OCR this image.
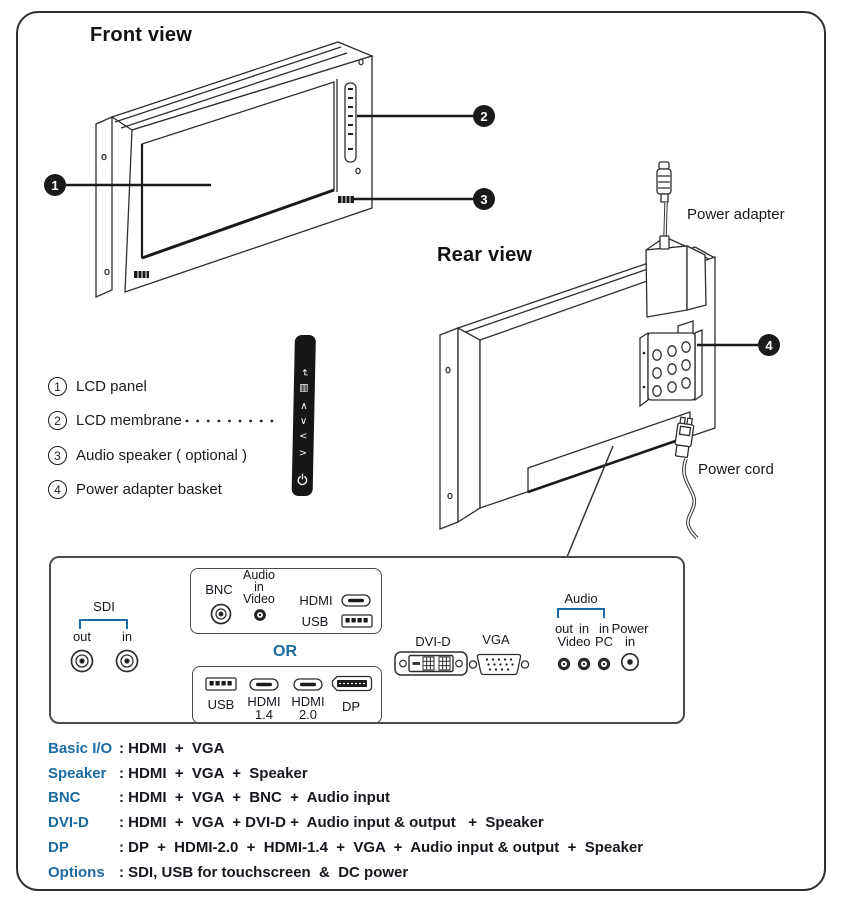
Front view
Rear view
Power adapter
Power cord
1
2
3
4
1	LCD panel
2	LCD membrane
3	Audio speaker ( optional )
4	Power adapter basket
↵
▤
∧
∨
<
>
SDI
out	in
BNC
Audio
in
Video	HDMI
USB
OR
USB	HDMI
1.4
HDMI
2.0
DP
DVI-D	VGA
Audio
out in in Power
Video PC in
Basic I/O : HDMI  +  VGA
Speaker : HDMI  +  VGA  +  Speaker
BNC	: HDMI  +  VGA  +  BNC  +  Audio input
DVI-D	: HDMI  +  VGA  + DVI-D +  Audio input & output   +  Speaker
DP	: DP  +  HDMI-2.0  +  HDMI-1.4  +  VGA  +  Audio input & output  +  Speaker
Options : SDI, USB for touchscreen  &  DC power
